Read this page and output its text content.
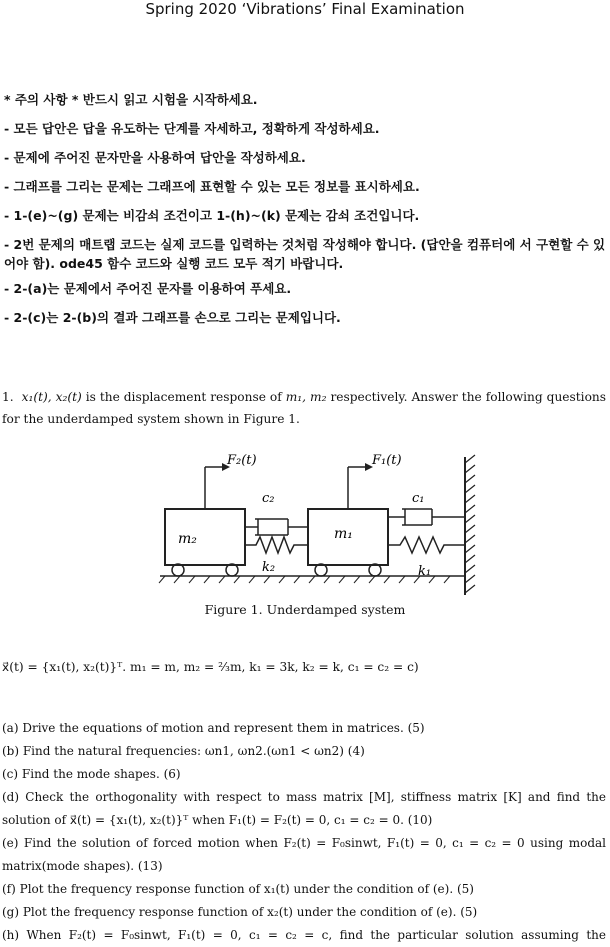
Spring 2020 ‘Vibrations’ Final Examination

* 주의 사항 * 반드시 읽고 시험을 시작하세요.

- 모든 답안은 답을 유도하는 단계를 자세하고, 정확하게 작성하세요.

- 문제에 주어진 문자만을 사용하여 답안을 작성하세요.

- 그래프를 그리는 문제는 그래프에 표현할 수 있는 모든 정보를 표시하세요.

- 1-(e)~(g) 문제는 비감쇠 조건이고 1-(h)~(k) 문제는 감쇠 조건입니다.

- 2번 문제의 매트랩 코드는 실제 코드를 입력하는 것처럼 작성해야 합니다. (답안을 컴퓨터에 서 구현할 수 있어야 함). ode45 함수 코드와 실행 코드 모두 적기 바랍니다.

- 2-(a)는 문제에서 주어진 문자를 이용하여 푸세요.

- 2-(c)는 2-(b)의 결과 그래프를 손으로 그리는 문제입니다.

1. x₁(t), x₂(t) is the displacement response of m₁, m₂ respectively. Answer the following questions for the underdamped system shown in Figure 1.
F₂(t)	F₁(t)
c₂	c₁
m₂	m₁
k₂	k₁
Figure 1. Underdamped system
x⃗(t) = {x₁(t), x₂(t)}ᵀ. m₁ = m, m₂ = ⅔m, k₁ = 3k, k₂ = k, c₁ = c₂ = c)

(a) Drive the equations of motion and represent them in matrices. (5)

(b) Find the natural frequencies: ωn1, ωn2.(ωn1 < ωn2) (4)

(c) Find the mode shapes. (6)

(d) Check the orthogonality with respect to mass matrix [M], stiffness matrix [K] and find the

solution of x⃗(t) = {x₁(t), x₂(t)}ᵀ when F₁(t) = F₂(t) = 0, c₁ = c₂ = 0. (10)

(e) Find the solution of forced motion when F₂(t) = F₀sinwt, F₁(t) = 0, c₁ = c₂ = 0 using modal

matrix(mode shapes). (13)

(f) Plot the frequency response function of x₁(t) under the condition of (e). (5)

(g) Plot the frequency response function of x₂(t) under the condition of (e). (5)

(h) When F₂(t) = F₀sinwt, F₁(t) = 0, c₁ = c₂ = c, find the particular solution assuming the
